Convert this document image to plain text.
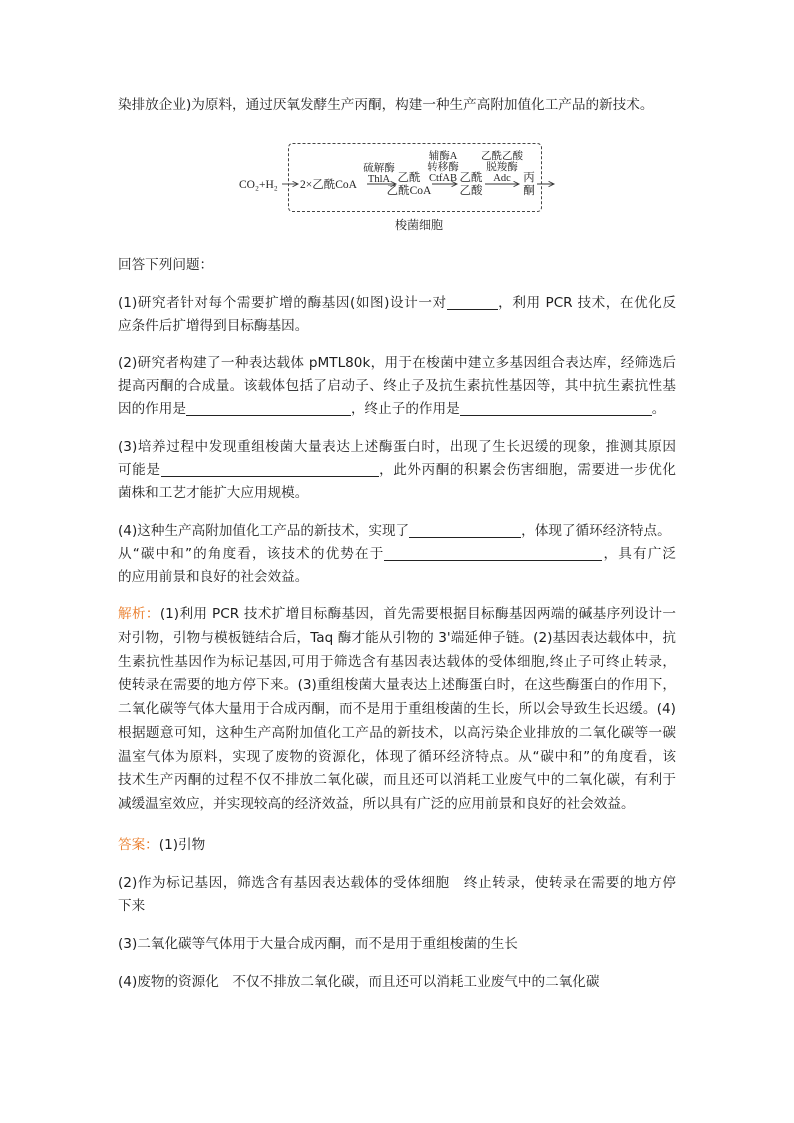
染排放企业)为原料，通过厌氧发酵生产丙酮，构建一种生产高附加值化工产品的新技术。
CO₂+H₂ 2×乙酰CoA
硫解酶
ThlA 乙酰
乙酰CoA
辅酶A
转移酶
CtfAB 乙酰
乙酸
乙酰乙酸
脱羧酶
Adc 丙
酮
梭菌细胞
回答下列问题：
(1)研究者针对每个需要扩增的酶基因(如图)设计一对	，利用 PCR 技术，在优化反
应条件后扩增得到目标酶基因。
(2)研究者构建了一种表达载体 pMTL80k，用于在梭菌中建立多基因组合表达库，经筛选后
提高丙酮的合成量。该载体包括了启动子、终止子及抗生素抗性基因等，其中抗生素抗性基
因的作用是	，终止子的作用是	。
(3)培养过程中发现重组梭菌大量表达上述酶蛋白时，出现了生长迟缓的现象，推测其原因
可能是	，此外丙酮的积累会伤害细胞，需要进一步优化
菌株和工艺才能扩大应用规模。
(4)这种生产高附加值化工产品的新技术，实现了	，体现了循环经济特点。
从“碳中和”的角度看，该技术的优势在于	，具有广泛
的应用前景和良好的社会效益。
解析：(1)利用 PCR 技术扩增目标酶基因，首先需要根据目标酶基因两端的碱基序列设计一
对引物，引物与模板链结合后，Taq 酶才能从引物的 3'端延伸子链。(2)基因表达载体中，抗
生素抗性基因作为标记基因,可用于筛选含有基因表达载体的受体细胞,终止子可终止转录，
使转录在需要的地方停下来。(3)重组梭菌大量表达上述酶蛋白时，在这些酶蛋白的作用下，
二氧化碳等气体大量用于合成丙酮，而不是用于重组梭菌的生长，所以会导致生长迟缓。(4)
根据题意可知，这种生产高附加值化工产品的新技术，以高污染企业排放的二氧化碳等一碳
温室气体为原料，实现了废物的资源化，体现了循环经济特点。从“碳中和”的角度看，该
技术生产丙酮的过程不仅不排放二氧化碳，而且还可以消耗工业废气中的二氧化碳，有利于
减缓温室效应，并实现较高的经济效益，所以具有广泛的应用前景和良好的社会效益。
答案：(1)引物
(2)作为标记基因，筛选含有基因表达载体的受体细胞　终止转录，使转录在需要的地方停
下来
(3)二氧化碳等气体用于大量合成丙酮，而不是用于重组梭菌的生长
(4)废物的资源化　不仅不排放二氧化碳，而且还可以消耗工业废气中的二氧化碳
